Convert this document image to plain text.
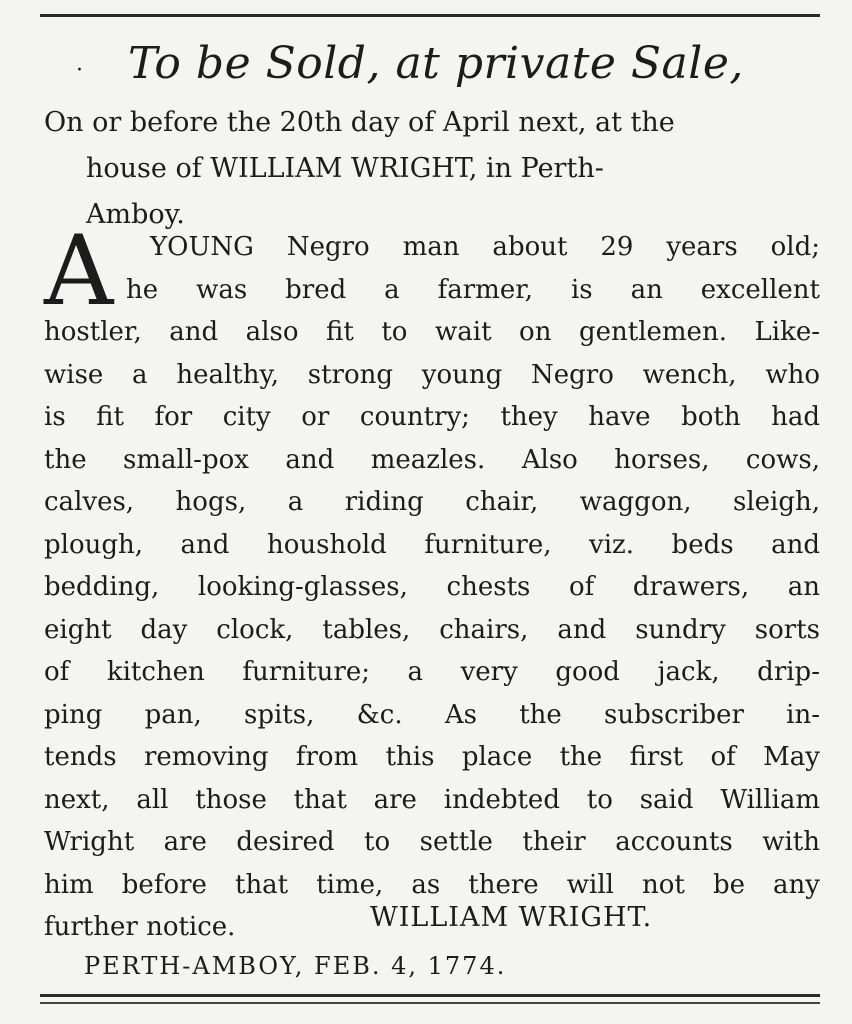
· To be Sold, at private Sale,
On or before the 20th day of April next, at the
house of WILLIAM WRIGHT, in Perth-
Amboy.
A	YOUNG Negro man about 29 years old;
he was bred a farmer, is an excellent
hostler, and also fit to wait on gentlemen. Like-
wise a healthy, strong young Negro wench, who
is fit for city or country; they have both had
the small-pox and meazles. Also horses, cows,
calves, hogs, a riding chair, waggon, sleigh,
plough, and houshold furniture, viz. beds and
bedding, looking-glasses, chests of drawers, an
eight day clock, tables, chairs, and sundry sorts
of kitchen furniture; a very good jack, drip-
ping pan, spits, &c. As the subscriber in-
tends removing from this place the first of May
next, all those that are indebted to said William
Wright are desired to settle their accounts with
him before that time, as there will not be any
further notice.	WILLIAM WRIGHT.
PERTH-AMBOY, FEB. 4, 1774.
